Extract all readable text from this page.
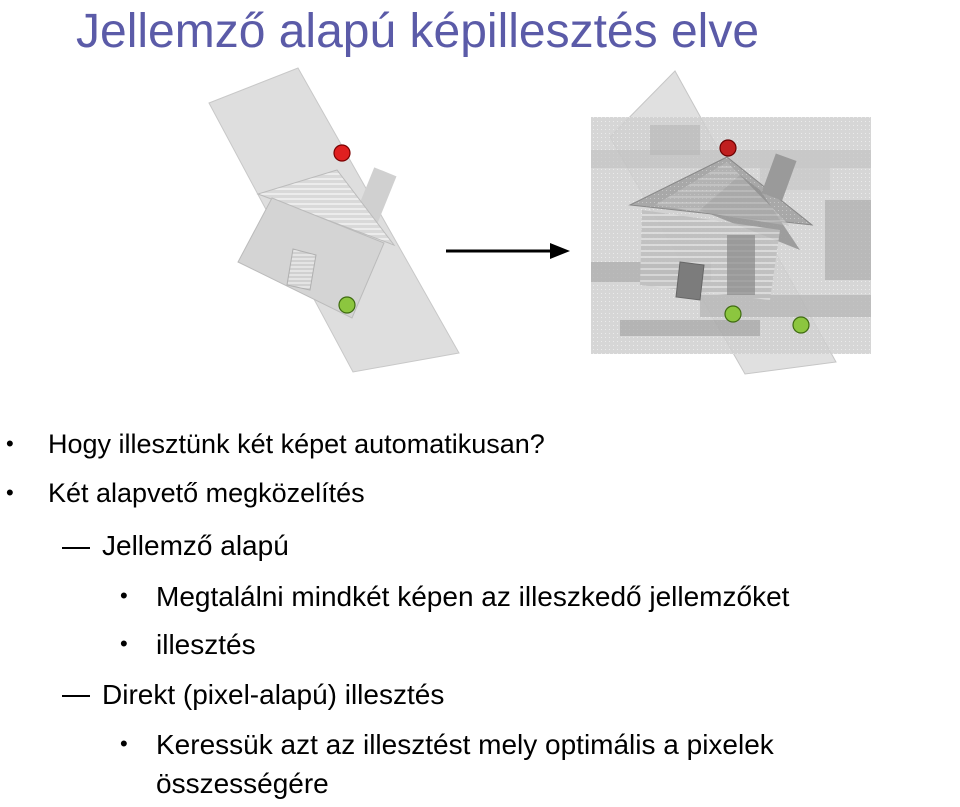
Jellemző alapú képillesztés elve
• Hogy illesztünk két képet automatikusan?

• Két alapvető megközelítés

Jellemző alapú

• Megtalálni mindkét képen az illeszkedő jellemzőket

• illesztés

Direkt (pixel-alapú) illesztés

• Keressük azt az illesztést mely optimális a pixelek

összességére
